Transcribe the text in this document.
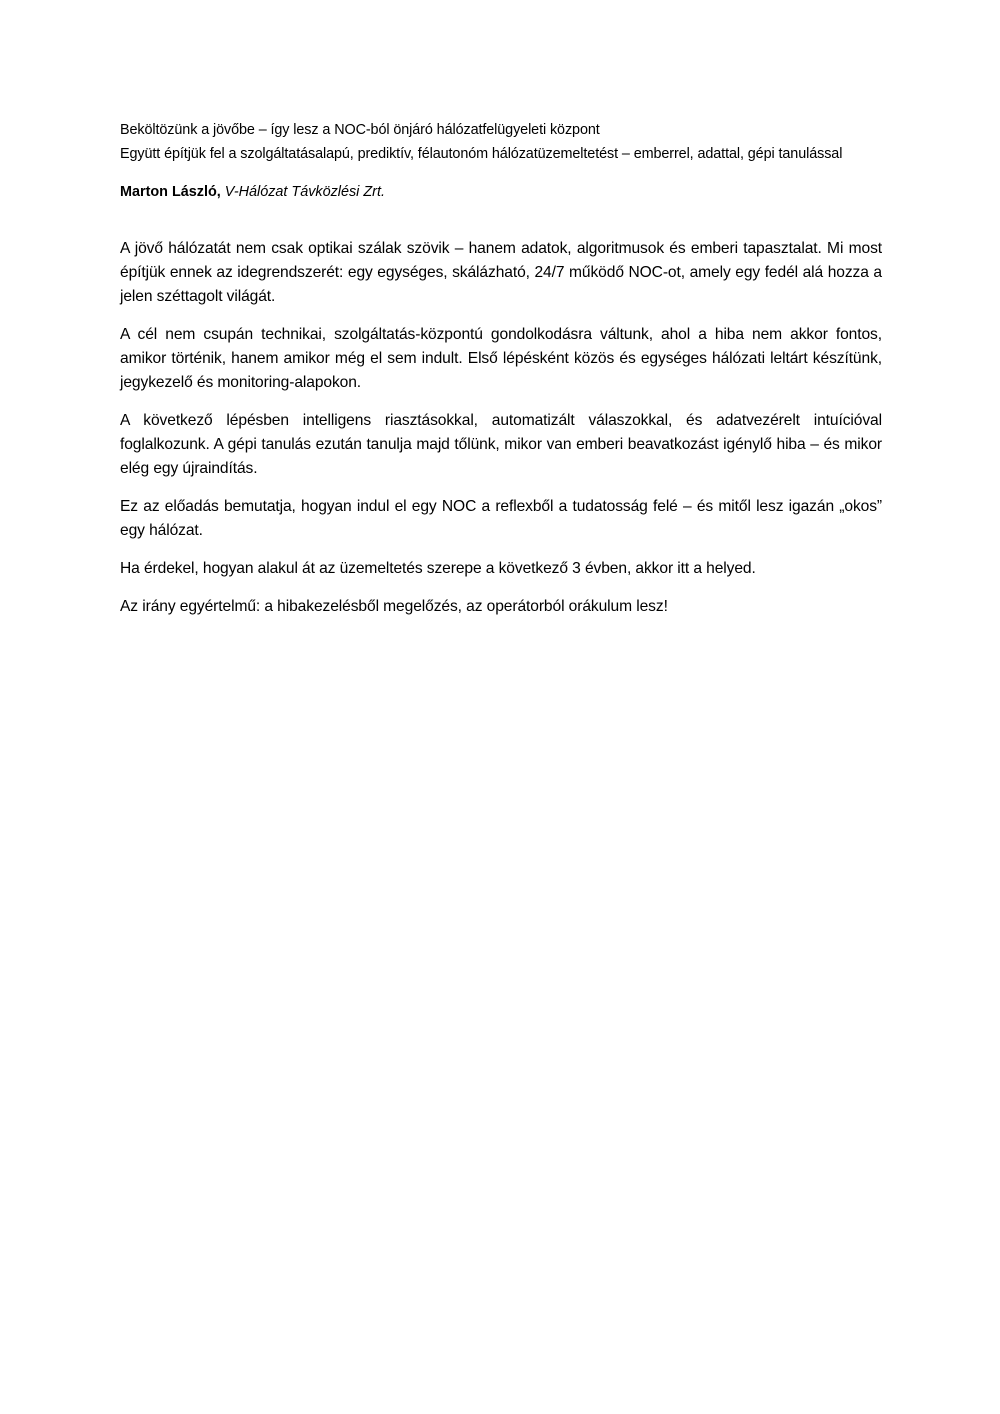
Beköltözünk a jövőbe – így lesz a NOC-ból önjáró hálózatfelügyeleti központ
Együtt építjük fel a szolgáltatásalapú, prediktív, félautonóm hálózatüzemeltetést – emberrel, adattal, gépi tanulással
Marton László, V-Hálózat Távközlési Zrt.

A jövő hálózatát nem csak optikai szálak szövik – hanem adatok, algoritmusok és emberi tapasztalat. Mi most építjük ennek az idegrendszerét: egy egységes, skálázható, 24/7 működő NOC-ot, amely egy fedél alá hozza a jelen széttagolt világát.

A cél nem csupán technikai, szolgáltatás-központú gondolkodásra váltunk, ahol a hiba nem akkor fontos, amikor történik, hanem amikor még el sem indult. Első lépésként közös és egységes hálózati leltárt készítünk, jegykezelő és monitoring-alapokon.

A következő lépésben intelligens riasztásokkal, automatizált válaszokkal, és adatvezérelt intuícióval foglalkozunk. A gépi tanulás ezután tanulja majd tőlünk, mikor van emberi beavatkozást igénylő hiba – és mikor elég egy újraindítás.

Ez az előadás bemutatja, hogyan indul el egy NOC a reflexből a tudatosság felé – és mitől lesz igazán „okos” egy hálózat.

Ha érdekel, hogyan alakul át az üzemeltetés szerepe a következő 3 évben, akkor itt a helyed.

Az irány egyértelmű: a hibakezelésből megelőzés, az operátorból orákulum lesz!
